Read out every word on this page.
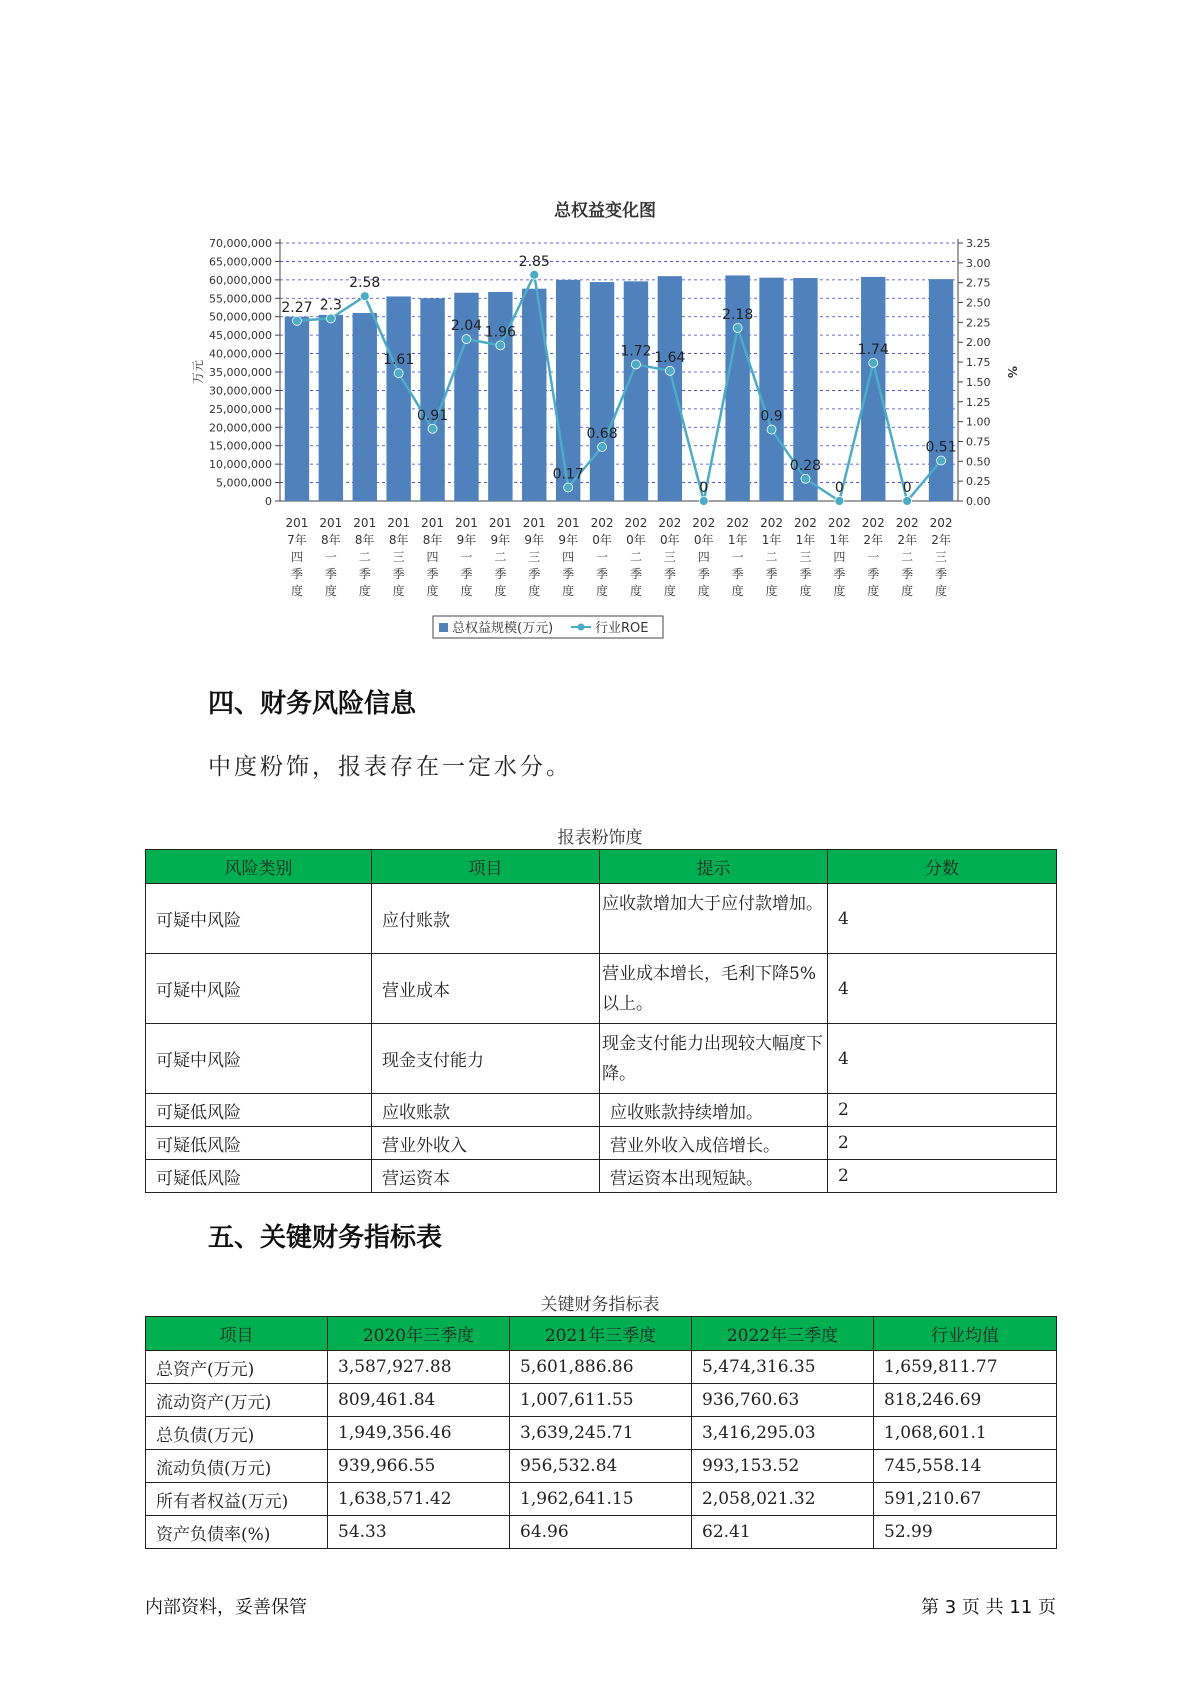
总权益变化图
0
5,000,000
10,000,000
15,000,000
20,000,000
25,000,000
30,000,000
35,000,000
40,000,000
45,000,000
50,000,000
55,000,000
60,000,000
65,000,000
70,000,000
0.00
0.25
0.50
0.75
1.00
1.25
1.50
1.75
2.00
2.25
2.50
2.75
3.00
3.25
万元	%
2.27 2.3
2.58
1.61
0.91
2.04 1.96
2.85
0.17
0.68
1.72 1.64
0
2.18
0.9
0.28
0
1.74
0
0.51
201
7年
四
季
度
201
8年
一
季
度
201
8年
二
季
度
201
8年
三
季
度
201
8年
四
季
度
201
9年
一
季
度
201
9年
二
季
度
201
9年
三
季
度
201
9年
四
季
度
202
0年
一
季
度
202
0年
二
季
度
202
0年
三
季
度
202
0年
四
季
度
202
1年
一
季
度
202
1年
二
季
度
202
1年
三
季
度
202
1年
四
季
度
202
2年
一
季
度
202
2年
二
季
度
202
2年
三
季
度
总权益规模(万元)	行业ROE
四、财务风险信息
中度粉饰，报表存在一定水分。
报表粉饰度
风险类别	项目	提示	分数
可疑中风险	应付账款	应收款增加大于应付款增加。	4
可疑中风险	营业成本	营业成本增长，毛利下降5%以上。	4
可疑中风险	现金支付能力	现金支付能力出现较大幅度下降。	4
可疑低风险	应收账款	应收账款持续增加。	2
可疑低风险	营业外收入	营业外收入成倍增长。	2
可疑低风险	营运资本	营运资本出现短缺。	2
五、关键财务指标表
关键财务指标表
项目	2020年三季度	2021年三季度	2022年三季度	行业均值
总资产(万元)	3,587,927.88	5,601,886.86	5,474,316.35	1,659,811.77
流动资产(万元)	809,461.84	1,007,611.55	936,760.63	818,246.69
总负债(万元)	1,949,356.46	3,639,245.71	3,416,295.03	1,068,601.1
流动负债(万元)	939,966.55	956,532.84	993,153.52	745,558.14
所有者权益(万元)	1,638,571.42	1,962,641.15	2,058,021.32	591,210.67
资产负债率(%)	54.33	64.96	62.41	52.99
内部资料，妥善保管	第 3 页 共 11 页
